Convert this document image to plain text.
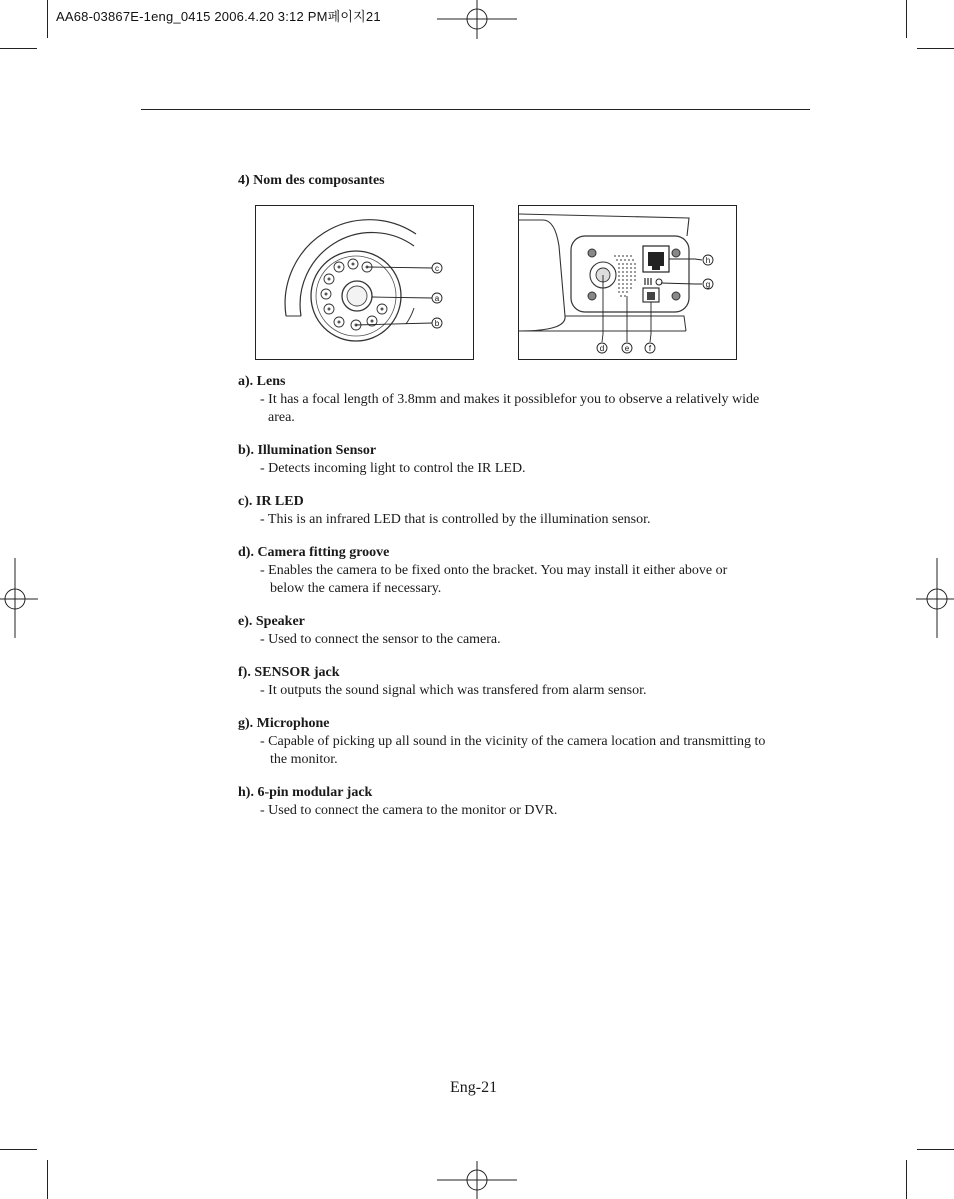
AA68-03867E-1eng_0415 2006.4.20 3:12 PM페이지21
4) Nom des composantes
c
a
b
h
g
d	e f
a). Lens
- It has a focal length of 3.8mm and makes it possiblefor you to observe a relatively wide
area.
b). Illumination Sensor
- Detects incoming light to control the IR LED.
c). IR LED
- This is an infrared LED that is controlled by the illumination sensor.
d). Camera fitting groove
- Enables the camera to be fixed onto the bracket. You may install it either above or
below the camera if necessary.
e). Speaker
- Used to connect the sensor to the camera.
f). SENSOR jack
- It outputs the sound signal which was transfered from alarm sensor.
g). Microphone
- Capable of picking up all sound in the vicinity of the camera location and transmitting to
the monitor.
h). 6-pin modular jack
- Used to connect the camera to the monitor or DVR.
Eng-21
